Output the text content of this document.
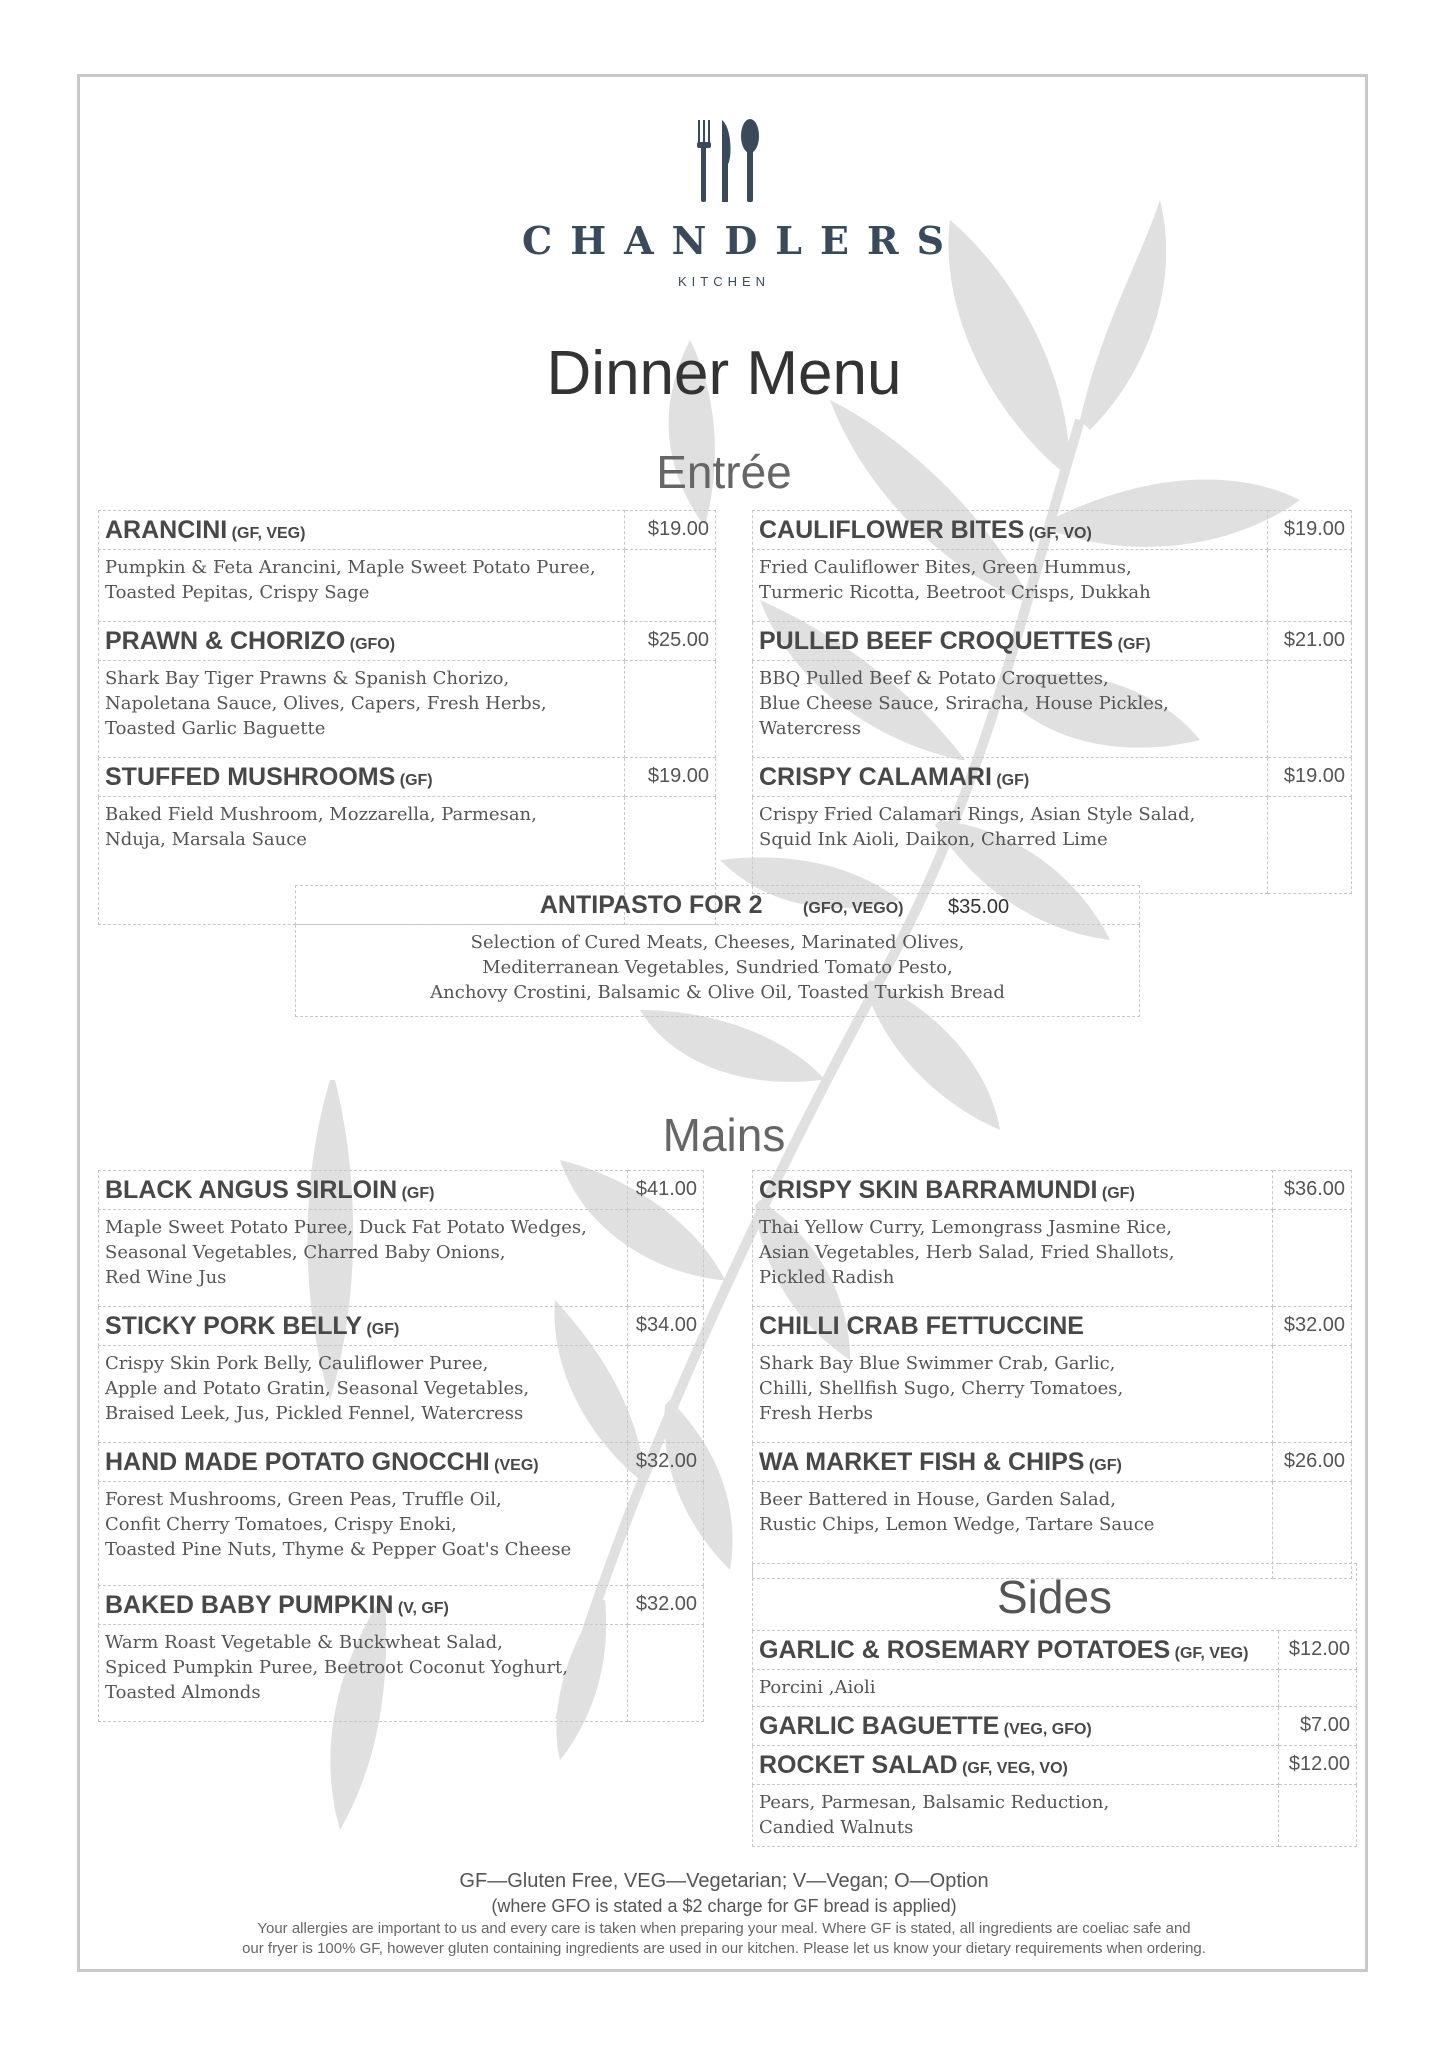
CHANDLERS
KITCHEN
Dinner Menu
Entrée
ARANCINI (GF, VEG)	$19.00

Pumpkin & Feta Arancini, Maple Sweet Potato Puree,
Toasted Pepitas, Crispy Sage	

PRAWN & CHORIZO (GFO)	$25.00

Shark Bay Tiger Prawns & Spanish Chorizo,
Napoletana Sauce, Olives, Capers, Fresh Herbs,
Toasted Garlic Baguette	

STUFFED MUSHROOMS (GF)	$19.00

Baked Field Mushroom, Mozzarella, Parmesan,
Nduja, Marsala Sauce	

CAULIFLOWER BITES (GF, VO)	$19.00

Fried Cauliflower Bites, Green Hummus,
Turmeric Ricotta, Beetroot Crisps, Dukkah	

PULLED BEEF CROQUETTES (GF)	$21.00

BBQ Pulled Beef & Potato Croquettes,
Blue Cheese Sauce, Sriracha, House Pickles,
Watercress	

CRISPY CALAMARI (GF)	$19.00

Crispy Fried Calamari Rings, Asian Style Salad,
Squid Ink Aioli, Daikon, Charred Lime	

ANTIPASTO FOR 2	(GFO, VEGO) $35.00

Selection of Cured Meats, Cheeses, Marinated Olives,
Mediterranean Vegetables, Sundried Tomato Pesto,
Anchovy Crostini, Balsamic & Olive Oil, Toasted Turkish Bread
Mains
BLACK ANGUS SIRLOIN (GF)	$41.00

Maple Sweet Potato Puree, Duck Fat Potato Wedges,
Seasonal Vegetables, Charred Baby Onions,
Red Wine Jus	

STICKY PORK BELLY (GF)	$34.00

Crispy Skin Pork Belly, Cauliflower Puree,
Apple and Potato Gratin, Seasonal Vegetables,
Braised Leek, Jus, Pickled Fennel, Watercress	

HAND MADE POTATO GNOCCHI (VEG)	$32.00

Forest Mushrooms, Green Peas, Truffle Oil,
Confit Cherry Tomatoes, Crispy Enoki,
Toasted Pine Nuts, Thyme & Pepper Goat's Cheese	

BAKED BABY PUMPKIN (V, GF)	$32.00

Warm Roast Vegetable & Buckwheat Salad,
Spiced Pumpkin Puree, Beetroot Coconut Yoghurt,
Toasted Almonds	

CRISPY SKIN BARRAMUNDI (GF)	$36.00

Thai Yellow Curry, Lemongrass Jasmine Rice,
Asian Vegetables, Herb Salad, Fried Shallots,
Pickled Radish	

CHILLI CRAB FETTUCCINE	$32.00

Shark Bay Blue Swimmer Crab, Garlic,
Chilli, Shellfish Sugo, Cherry Tomatoes,
Fresh Herbs	

WA MARKET FISH & CHIPS (GF)	$26.00

Beer Battered in House, Garden Salad,
Rustic Chips, Lemon Wedge, Tartare Sauce	

Sides	
GARLIC & ROSEMARY POTATOES (GF, VEG)	$12.00

Porcini ,Aioli	

GARLIC BAGUETTE (VEG, GFO)	$7.00
ROCKET SALAD (GF, VEG, VO)	$12.00

Pears, Parmesan, Balsamic Reduction,
Candied Walnuts	

GF—Gluten Free, VEG—Vegetarian; V—Vegan; O—Option
(where GFO is stated a $2 charge for GF bread is applied)
Your allergies are important to us and every care is taken when preparing your meal. Where GF is stated, all ingredients are coeliac safe and
our fryer is 100% GF, however gluten containing ingredients are used in our kitchen. Please let us know your dietary requirements when ordering.
